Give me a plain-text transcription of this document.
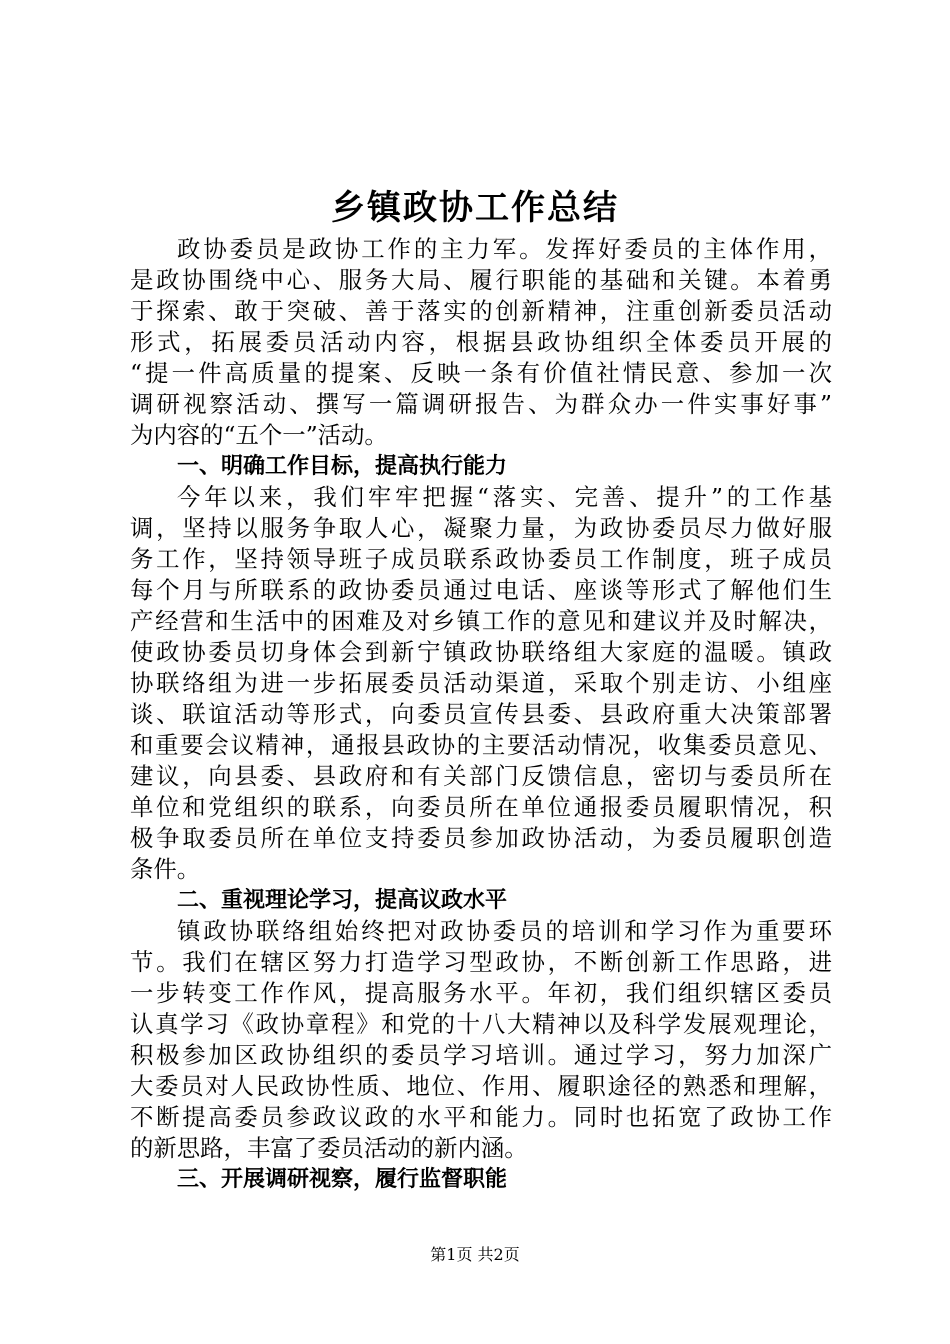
乡镇政协工作总结
政协委员是政协工作的主力军。发挥好委员的主体作用，
是政协围绕中心、服务大局、履行职能的基础和关键。本着勇
于探索、敢于突破、善于落实的创新精神，注重创新委员活动
形式，拓展委员活动内容，根据县政协组织全体委员开展的
“提一件高质量的提案、反映一条有价值社情民意、参加一次
调研视察活动、撰写一篇调研报告、为群众办一件实事好事”
为内容的“五个一”活动。
一、明确工作目标，提高执行能力
今年以来，我们牢牢把握“落实、完善、提升”的工作基
调，坚持以服务争取人心，凝聚力量，为政协委员尽力做好服
务工作，坚持领导班子成员联系政协委员工作制度，班子成员
每个月与所联系的政协委员通过电话、座谈等形式了解他们生
产经营和生活中的困难及对乡镇工作的意见和建议并及时解决，
使政协委员切身体会到新宁镇政协联络组大家庭的温暖。镇政
协联络组为进一步拓展委员活动渠道，采取个别走访、小组座
谈、联谊活动等形式，向委员宣传县委、县政府重大决策部署
和重要会议精神，通报县政协的主要活动情况，收集委员意见、
建议，向县委、县政府和有关部门反馈信息，密切与委员所在
单位和党组织的联系，向委员所在单位通报委员履职情况，积
极争取委员所在单位支持委员参加政协活动，为委员履职创造
条件。
二、重视理论学习，提高议政水平
镇政协联络组始终把对政协委员的培训和学习作为重要环
节。我们在辖区努力打造学习型政协，不断创新工作思路，进
一步转变工作作风，提高服务水平。年初，我们组织辖区委员
认真学习《政协章程》和党的十八大精神以及科学发展观理论，
积极参加区政协组织的委员学习培训。通过学习，努力加深广
大委员对人民政协性质、地位、作用、履职途径的熟悉和理解，
不断提高委员参政议政的水平和能力。同时也拓宽了政协工作
的新思路，丰富了委员活动的新内涵。
三、开展调研视察，履行监督职能
第1页 共2页
